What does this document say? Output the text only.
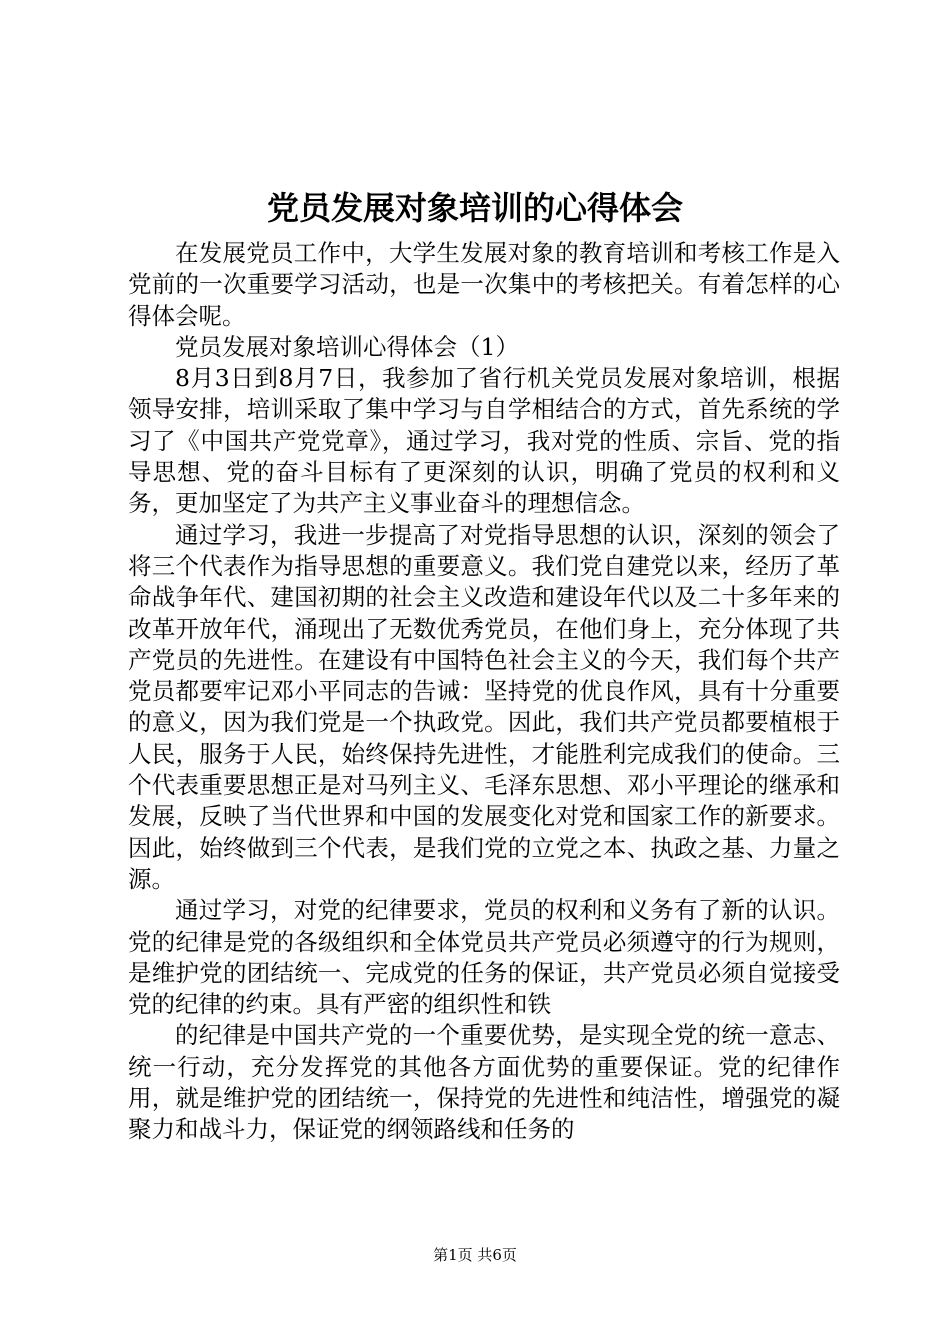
党员发展对象培训的心得体会

在发展党员工作中，大学生发展对象的教育培训和考核工作是入党前的一次重要学习活动，也是一次集中的考核把关。有着怎样的心得体会呢。

党员发展对象培训心得体会（1）

8月3日到8月7日，我参加了省行机关党员发展对象培训，根据领导安排，培训采取了集中学习与自学相结合的方式，首先系统的学习了《中国共产党党章》，通过学习，我对党的性质、宗旨、党的指导思想、党的奋斗目标有了更深刻的认识，明确了党员的权利和义务，更加坚定了为共产主义事业奋斗的理想信念。

通过学习，我进一步提高了对党指导思想的认识，深刻的领会了将三个代表作为指导思想的重要意义。我们党自建党以来，经历了革命战争年代、建国初期的社会主义改造和建设年代以及二十多年来的改革开放年代，涌现出了无数优秀党员，在他们身上，充分体现了共产党员的先进性。在建设有中国特色社会主义的今天，我们每个共产党员都要牢记邓小平同志的告诫：坚持党的优良作风，具有十分重要的意义，因为我们党是一个执政党。因此，我们共产党员都要植根于人民，服务于人民，始终保持先进性，才能胜利完成我们的使命。三个代表重要思想正是对马列主义、毛泽东思想、邓小平理论的继承和发展，反映了当代世界和中国的发展变化对党和国家工作的新要求。因此，始终做到三个代表，是我们党的立党之本、执政之基、力量之源。

通过学习，对党的纪律要求，党员的权利和义务有了新的认识。党的纪律是党的各级组织和全体党员共产党员必须遵守的行为规则，是维护党的团结统一、完成党的任务的保证，共产党员必须自觉接受党的纪律的约束。具有严密的组织性和铁

的纪律是中国共产党的一个重要优势，是实现全党的统一意志、统一行动，充分发挥党的其他各方面优势的重要保证。党的纪律作用，就是维护党的团结统一，保持党的先进性和纯洁性，增强党的凝聚力和战斗力，保证党的纲领路线和任务的

第1页 共6页
